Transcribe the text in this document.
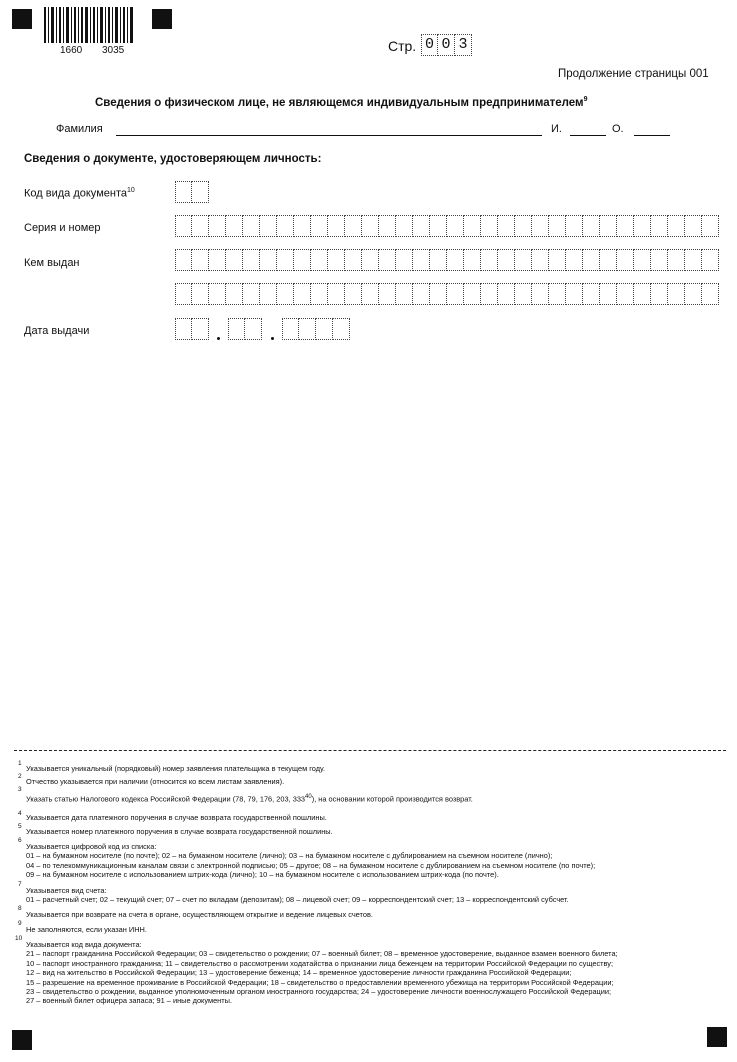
1660 3035	Стр. 0 0 3
Продолжение страницы 001
Сведения о физическом лице, не являющемся индивидуальным предпринимателем$^9$
Фамилия	И.	О.
Сведения о документе, удостоверяющем личность:
Код вида документа$^{10}$
Серия и номер
Кем выдан
Дата выдачи
1
Указывается уникальный (порядковый) номер заявления плательщика в текущем году.
2
Отчество указывается при наличии (относится ко всем листам заявления).
3
Указать статью Налогового кодекса Российской Федерации (78, 79, 176, 203, $333^{40}$), на основании которой производится возврат.
4 Указывается дата платежного поручения в случае возврата государственной пошлины.
5
Указывается номер платежного поручения в случае возврата государственной пошлины.
6
Указывается цифровой код из списка:
01 – на бумажном носителе (по почте); 02 – на бумажном носителе (лично); 03 – на бумажном носителе с дублированием на съемном носителе (лично);
04 – по телекоммуникационным каналам связи с электронной подписью; 05 – другое; 08 – на бумажном носителе с дублированием на съемном носителе (по почте);
09 – на бумажном носителе с использованием штрих-кода (лично); 10 – на бумажном носителе с использованием штрих-кода (по почте).
7
Указывается вид счета:
01 – расчетный счет; 02 – текущий счет; 07 – счет по вкладам (депозитам); 08 – лицевой счет; 09 – корреспондентский счет; 13 – корреспондентский субсчет.
8
Указывается при возврате на счета в органе, осуществляющем открытие и ведение лицевых счетов.
9
Не заполняются, если указан ИНН.
10
Указывается код вида документа:
21 – паспорт гражданина Российской Федерации; 03 – свидетельство о рождении; 07 – военный билет; 08 – временное удостоверение, выданное взамен военного билета;
10 – паспорт иностранного гражданина; 11 – свидетельство о рассмотрении ходатайства о признании лица беженцем на территории Российской Федерации по существу;
12 – вид на жительство в Российской Федерации; 13 – удостоверение беженца; 14 – временное удостоверение личности гражданина Российской Федерации;
15 – разрешение на временное проживание в Российской Федерации; 18 – свидетельство о предоставлении временного убежища на территории Российской Федерации;
23 – свидетельство о рождении, выданное уполномоченным органом иностранного государства; 24 – удостоверение личности военнослужащего Российской Федерации;
27 – военный билет офицера запаса; 91 – иные документы.
